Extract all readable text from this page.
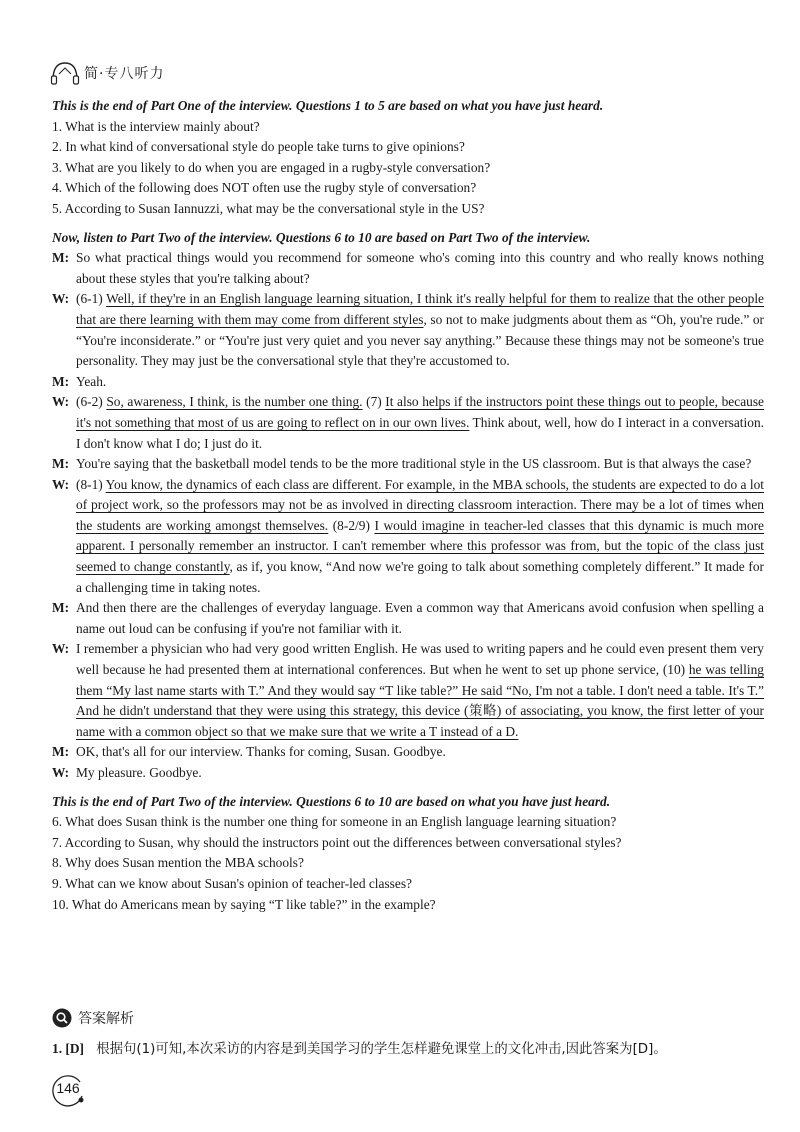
简·专八听力

This is the end of Part One of the interview. Questions 1 to 5 are based on what you have just heard.

1. What is the interview mainly about?

2. In what kind of conversational style do people take turns to give opinions?

3. What are you likely to do when you are engaged in a rugby-style conversation?

4. Which of the following does NOT often use the rugby style of conversation?

5. According to Susan Iannuzzi, what may be the conversational style in the US?

Now, listen to Part Two of the interview. Questions 6 to 10 are based on Part Two of the interview.

M: So what practical things would you recommend for someone who's coming into this country and who really knows nothing about these styles that you're talking about?
W: (6-1) Well, if they're in an English language learning situation, I think it's really helpful for them to realize that the other people that are there learning with them may come from different styles, so not to make judgments about them as “Oh, you're rude.” or “You're inconsiderate.” or “You're just very quiet and you never say anything.” Because these things may not be someone's true personality. They may just be the conversational style that they're accustomed to.
M: Yeah.
W: (6-2) So, awareness, I think, is the number one thing. (7) It also helps if the instructors point these things out to people, because it's not something that most of us are going to reflect on in our own lives. Think about, well, how do I interact in a conversation. I don't know what I do; I just do it.
M: You're saying that the basketball model tends to be the more traditional style in the US classroom. But is that always the case?
W: (8-1) You know, the dynamics of each class are different. For example, in the MBA schools, the students are expected to do a lot of project work, so the professors may not be as involved in directing classroom interaction. There may be a lot of times when the students are working amongst themselves. (8-2/9) I would imagine in teacher-led classes that this dynamic is much more apparent. I personally remember an instructor. I can't remember where this professor was from, but the topic of the class just seemed to change constantly, as if, you know, “And now we're going to talk about something completely different.” It made for a challenging time in taking notes.
M: And then there are the challenges of everyday language. Even a common way that Americans avoid confusion when spelling a name out loud can be confusing if you're not familiar with it.
W: I remember a physician who had very good written English. He was used to writing papers and he could even present them very well because he had presented them at international conferences. But when he went to set up phone service, (10) he was telling them “My last name starts with T.” And they would say “T like table?” He said “No, I'm not a table. I don't need a table. It's T.” And he didn't understand that they were using this strategy, this device (策略) of associating, you know, the first letter of your name with a common object so that we make sure that we write a T instead of a D.
M: OK, that's all for our interview. Thanks for coming, Susan. Goodbye.
W: My pleasure. Goodbye.

This is the end of Part Two of the interview. Questions 6 to 10 are based on what you have just heard.

6. What does Susan think is the number one thing for someone in an English language learning situation?

7. According to Susan, why should the instructors point out the differences between conversational styles?

8. Why does Susan mention the MBA schools?

9. What can we know about Susan's opinion of teacher-led classes?

10. What do Americans mean by saying “T like table?” in the example?

答案解析
1. [D] 根据句(1)可知,本次采访的内容是到美国学习的学生怎样避免课堂上的文化冲击,因此答案为[D]。
146
